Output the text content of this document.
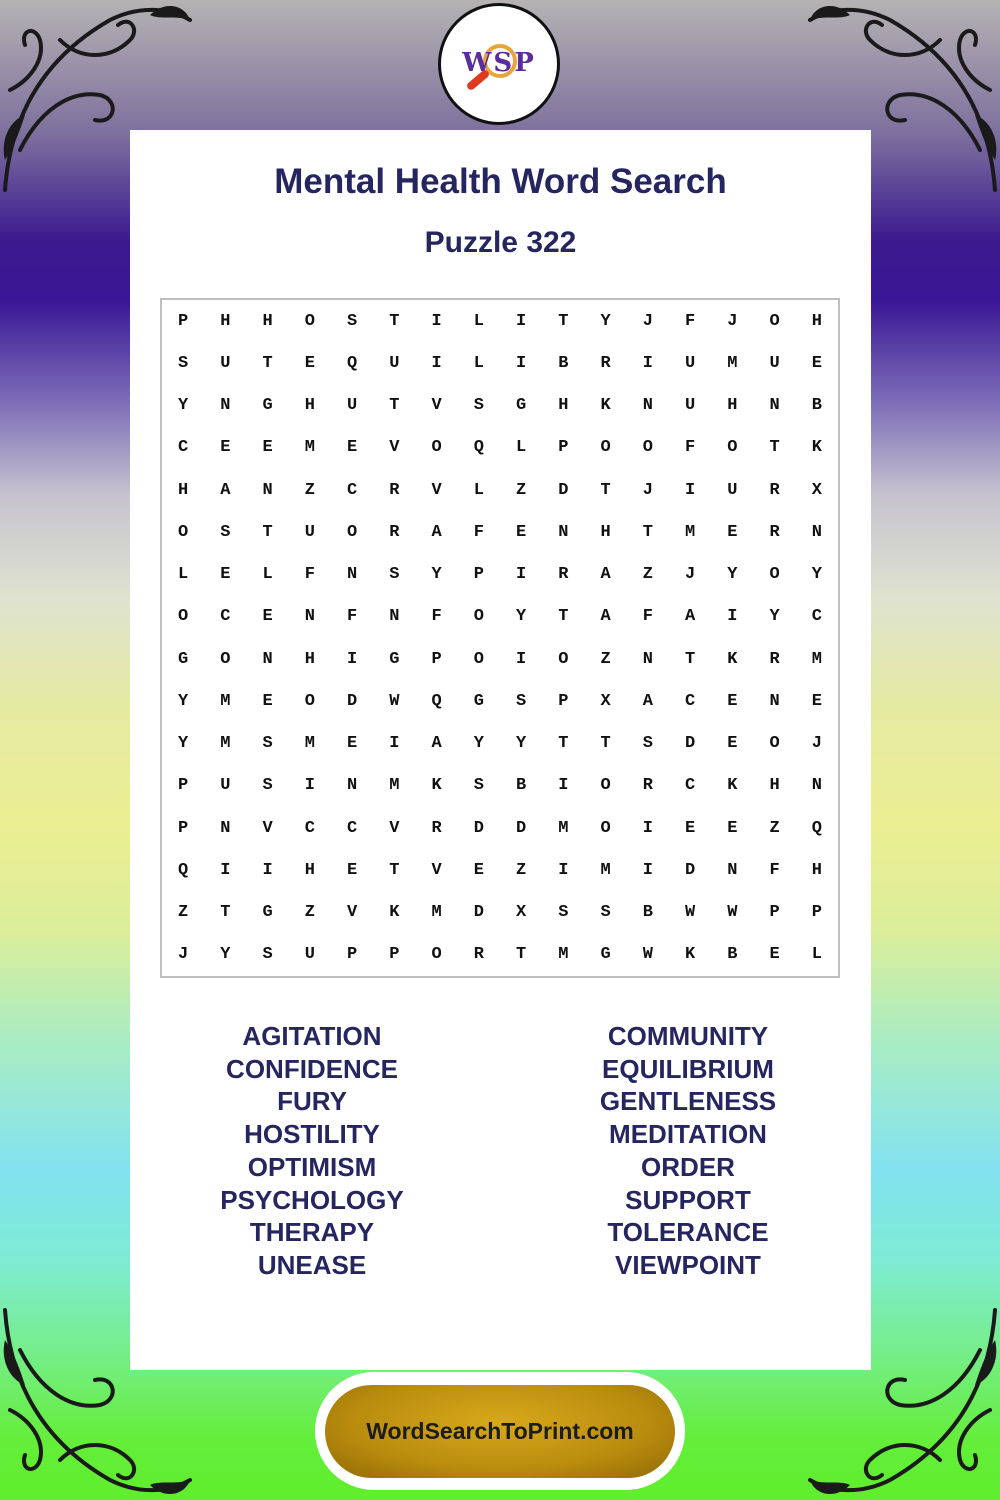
WSP
Mental Health Word Search
Puzzle 322
P	H	H	O	S	T	I	L	I	T	Y	J	F	J	O	H
S	U	T	E	Q	U	I	L	I	B	R	I	U	M	U	E
Y	N	G	H	U	T	V	S	G	H	K	N	U	H	N	B
C	E	E	M	E	V	O	Q	L	P	O	O	F	O	T	K
H	A	N	Z	C	R	V	L	Z	D	T	J	I	U	R	X
O	S	T	U	O	R	A	F	E	N	H	T	M	E	R	N
L	E	L	F	N	S	Y	P	I	R	A	Z	J	Y	O	Y
O	C	E	N	F	N	F	O	Y	T	A	F	A	I	Y	C
G	O	N	H	I	G	P	O	I	O	Z	N	T	K	R	M
Y	M	E	O	D	W	Q	G	S	P	X	A	C	E	N	E
Y	M	S	M	E	I	A	Y	Y	T	T	S	D	E	O	J
P	U	S	I	N	M	K	S	B	I	O	R	C	K	H	N
P	N	V	C	C	V	R	D	D	M	O	I	E	E	Z	Q
Q	I	I	H	E	T	V	E	Z	I	M	I	D	N	F	H
Z	T	G	Z	V	K	M	D	X	S	S	B	W	W	P	P
J	Y	S	U	P	P	O	R	T	M	G	W	K	B	E	L
AGITATION
CONFIDENCE
FURY
HOSTILITY
OPTIMISM
PSYCHOLOGY
THERAPY
UNEASE
COMMUNITY
EQUILIBRIUM
GENTLENESS
MEDITATION
ORDER
SUPPORT
TOLERANCE
VIEWPOINT
WordSearchToPrint.com
